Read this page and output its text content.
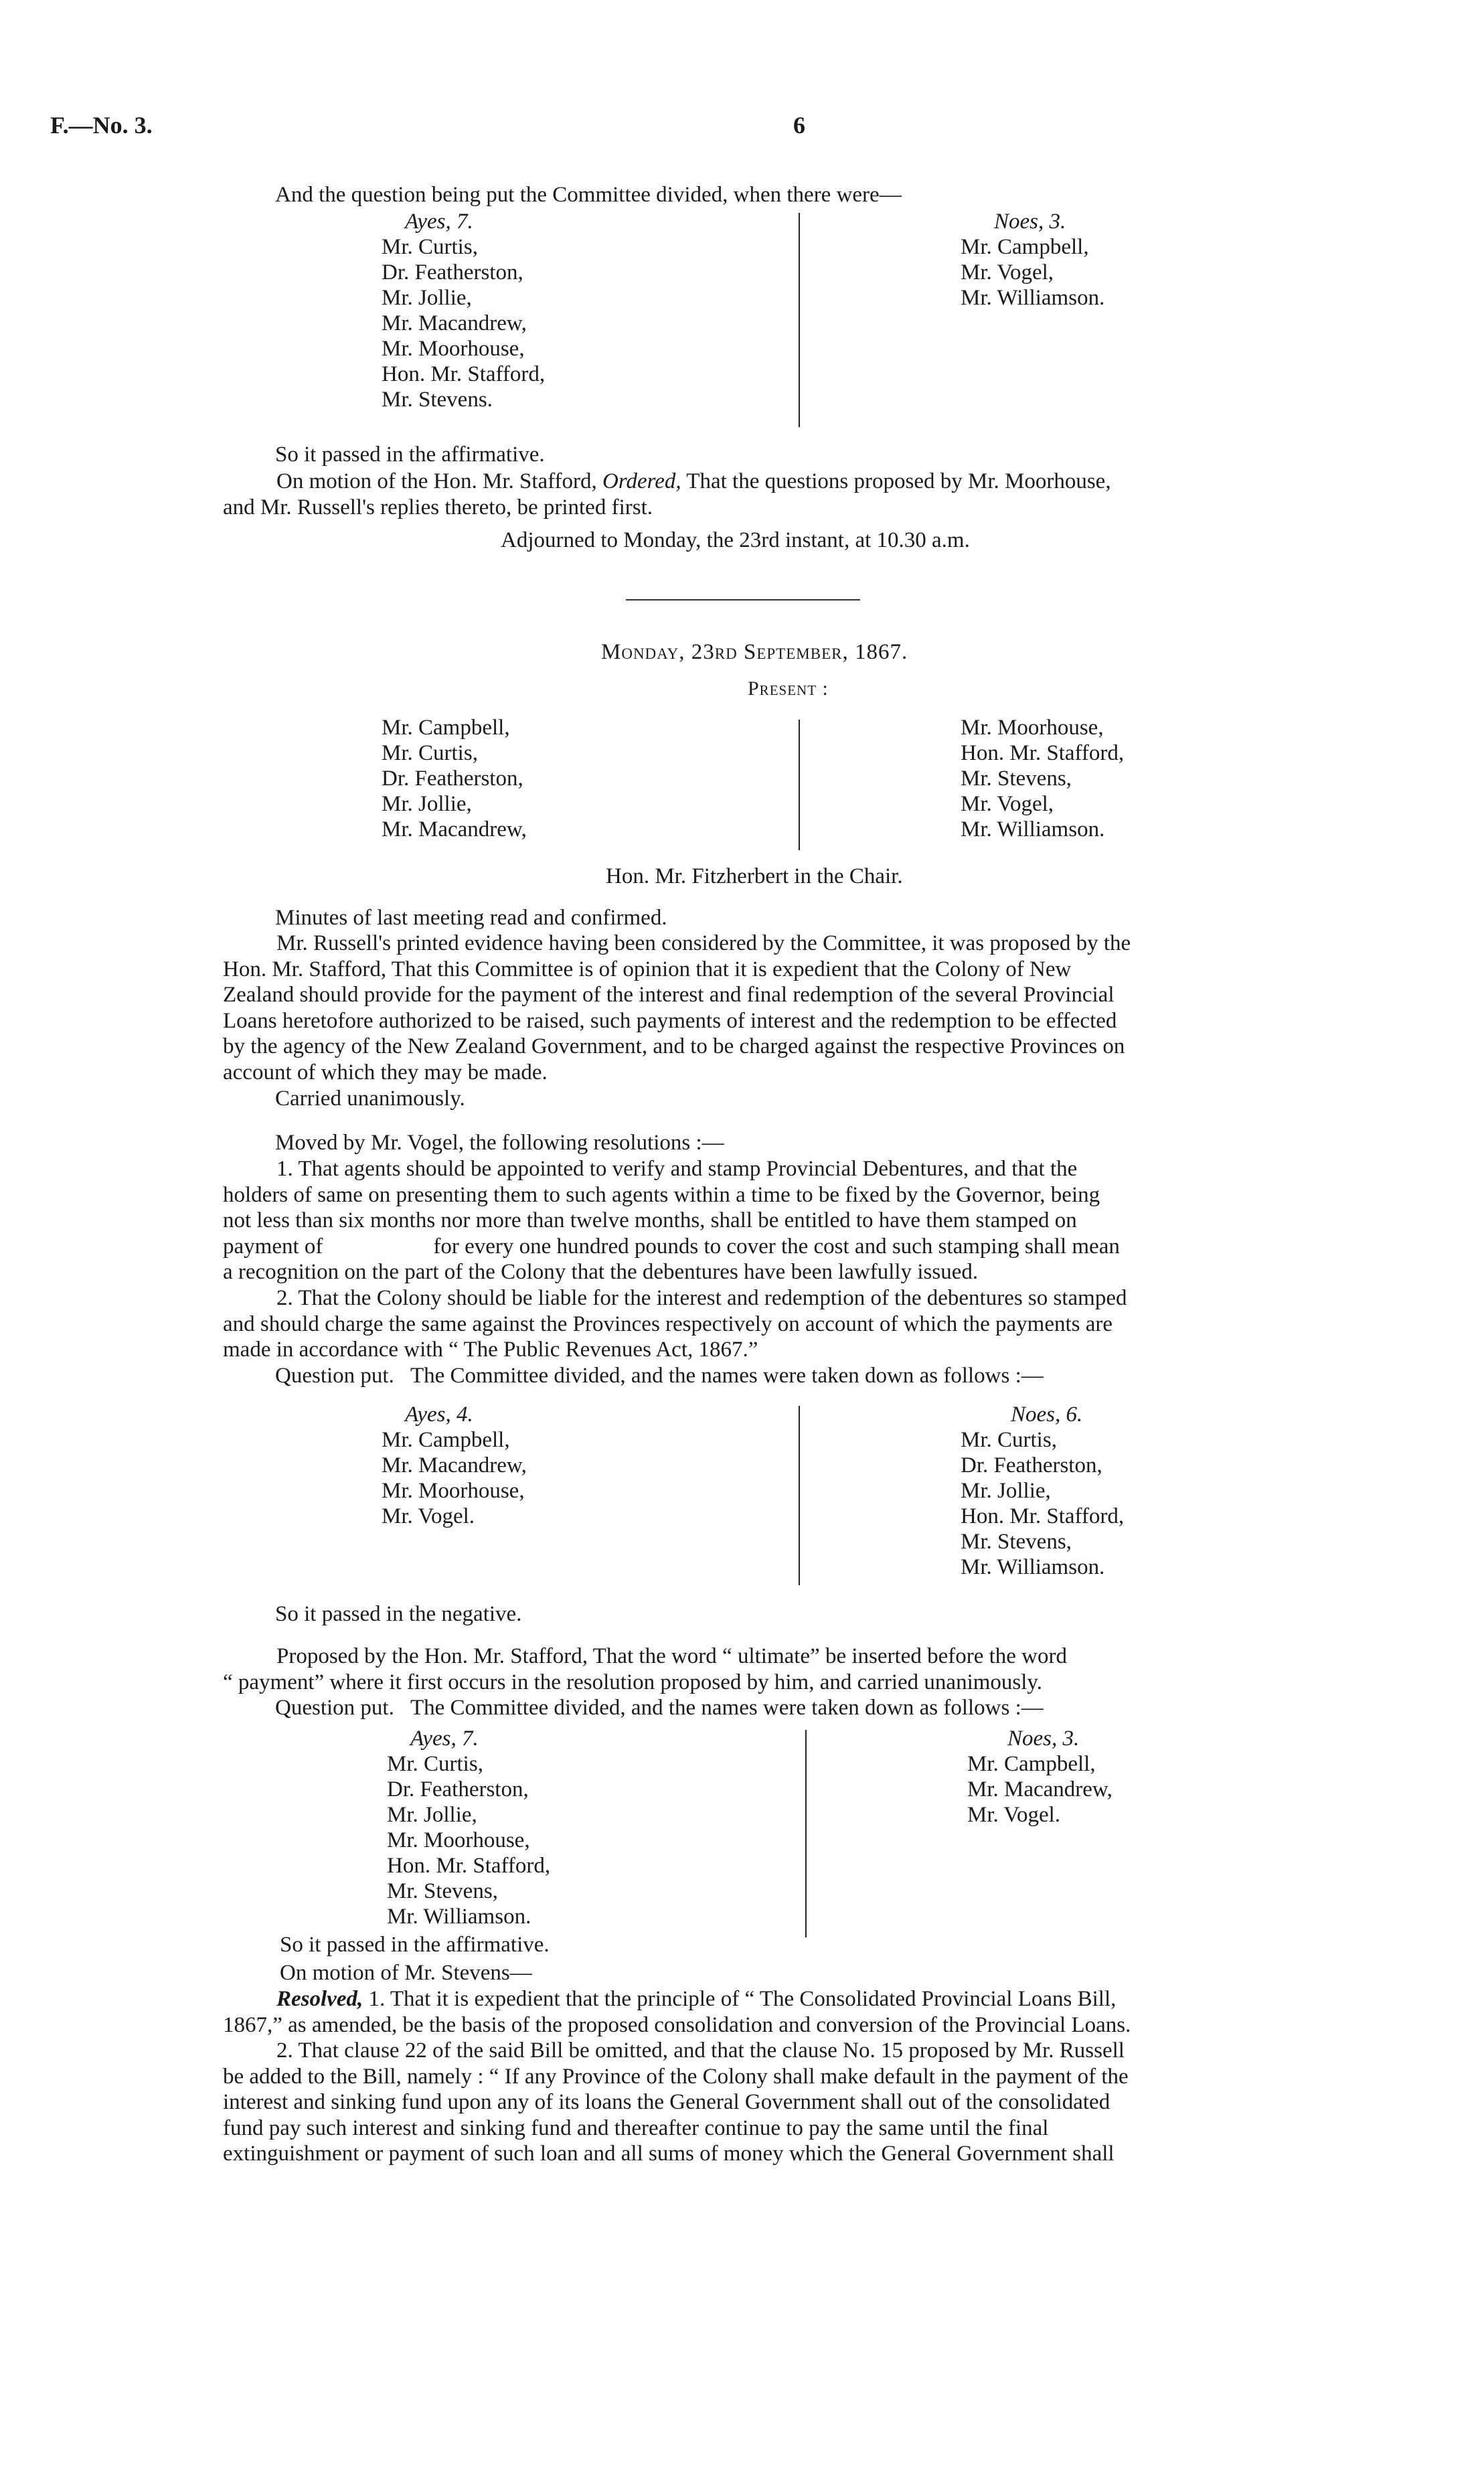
F.—No. 3.	6
And the question being put the Committee divided, when there were—
Ayes, 7.
Mr. Curtis,
Dr. Featherston,
Mr. Jollie,
Mr. Macandrew,
Mr. Moorhouse,
Hon. Mr. Stafford,
Mr. Stevens.
Noes, 3.
Mr. Campbell,
Mr. Vogel,
Mr. Williamson.
So it passed in the affirmative.

On motion of the Hon. Mr. Stafford, Ordered, That the questions proposed by Mr. Moorhouse,

and Mr. Russell's replies thereto, be printed first.
Adjourned to Monday, the 23rd instant, at 10.30 a.m.
Monday, 23rd September, 1867.
Present :
Mr. Campbell,
Mr. Curtis,
Dr. Featherston,
Mr. Jollie,
Mr. Macandrew,
Mr. Moorhouse,
Hon. Mr. Stafford,
Mr. Stevens,
Mr. Vogel,
Mr. Williamson.
Hon. Mr. Fitzherbert in the Chair.
Minutes of last meeting read and confirmed.

Mr. Russell's printed evidence having been considered by the Committee, it was proposed by the

Hon. Mr. Stafford, That this Committee is of opinion that it is expedient that the Colony of New
Zealand should provide for the payment of the interest and final redemption of the several Provincial
Loans heretofore authorized to be raised, such payments of interest and the redemption to be effected
by the agency of the New Zealand Government, and to be charged against the respective Provinces on
account of which they may be made.
Carried unanimously.
Moved by Mr. Vogel, the following resolutions :—

1. That agents should be appointed to verify and stamp Provincial Debentures, and that the

holders of same on presenting them to such agents within a time to be fixed by the Governor, being
not less than six months nor more than twelve months, shall be entitled to have them stamped on
payment of                    for every one hundred pounds to cover the cost and such stamping shall mean
a recognition on the part of the Colony that the debentures have been lawfully issued.

2. That the Colony should be liable for the interest and redemption of the debentures so stamped

and should charge the same against the Provinces respectively on account of which the payments are
made in accordance with “ The Public Revenues Act, 1867.”
Question put.   The Committee divided, and the names were taken down as follows :—
Ayes, 4.
Mr. Campbell,
Mr. Macandrew,
Mr. Moorhouse,
Mr. Vogel.
Noes, 6.
Mr. Curtis,
Dr. Featherston,
Mr. Jollie,
Hon. Mr. Stafford,
Mr. Stevens,
Mr. Williamson.
So it passed in the negative.

Proposed by the Hon. Mr. Stafford, That the word “ ultimate” be inserted before the word

“ payment” where it first occurs in the resolution proposed by him, and carried unanimously.
Question put.   The Committee divided, and the names were taken down as follows :—
Ayes, 7.
Mr. Curtis,
Dr. Featherston,
Mr. Jollie,
Mr. Moorhouse,
Hon. Mr. Stafford,
Mr. Stevens,
Mr. Williamson.
Noes, 3.
Mr. Campbell,
Mr. Macandrew,
Mr. Vogel.
So it passed in the affirmative.
On motion of Mr. Stevens—

Resolved, 1. That it is expedient that the principle of “ The Consolidated Provincial Loans Bill,

1867,” as amended, be the basis of the proposed consolidation and conversion of the Provincial Loans.

2. That clause 22 of the said Bill be omitted, and that the clause No. 15 proposed by Mr. Russell

be added to the Bill, namely : “ If any Province of the Colony shall make default in the payment of the
interest and sinking fund upon any of its loans the General Government shall out of the consolidated
fund pay such interest and sinking fund and thereafter continue to pay the same until the final
extinguishment or payment of such loan and all sums of money which the General Government shall
